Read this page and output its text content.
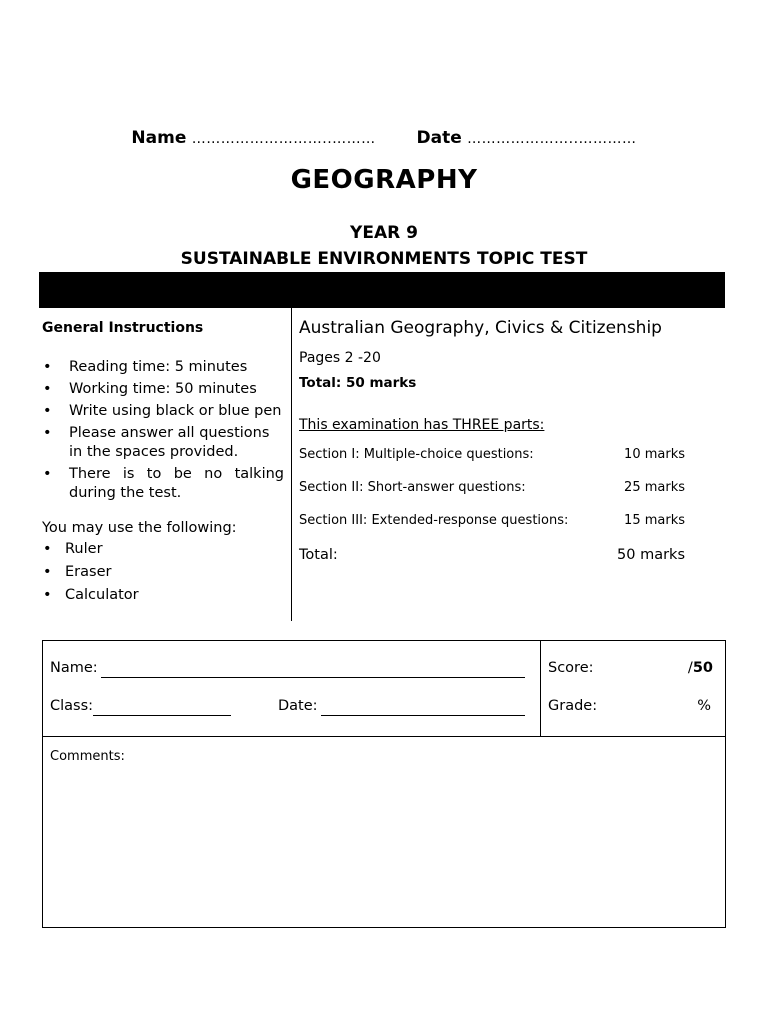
Name ………………………..……… Date …………………..…………
GEOGRAPHY
YEAR 9
SUSTAINABLE ENVIRONMENTS TOPIC TEST
General Instructions
• Reading time: 5 minutes
• Working time: 50 minutes
• Write using black or blue pen
• Please answer all questions in the spaces provided.
• There is to be no talking during the test.
You may use the following:
• Ruler
• Eraser
• Calculator
Australian Geography, Civics & Citizenship
Pages 2 -20
Total: 50 marks
This examination has THREE parts:
Section I: Multiple-choice questions:	10 marks
Section II: Short-answer questions:	25 marks
Section III: Extended-response questions:	15 marks
Total:	50 marks
Name:
Class:	Date:
Score:	/50
Grade:	%
Comments:
